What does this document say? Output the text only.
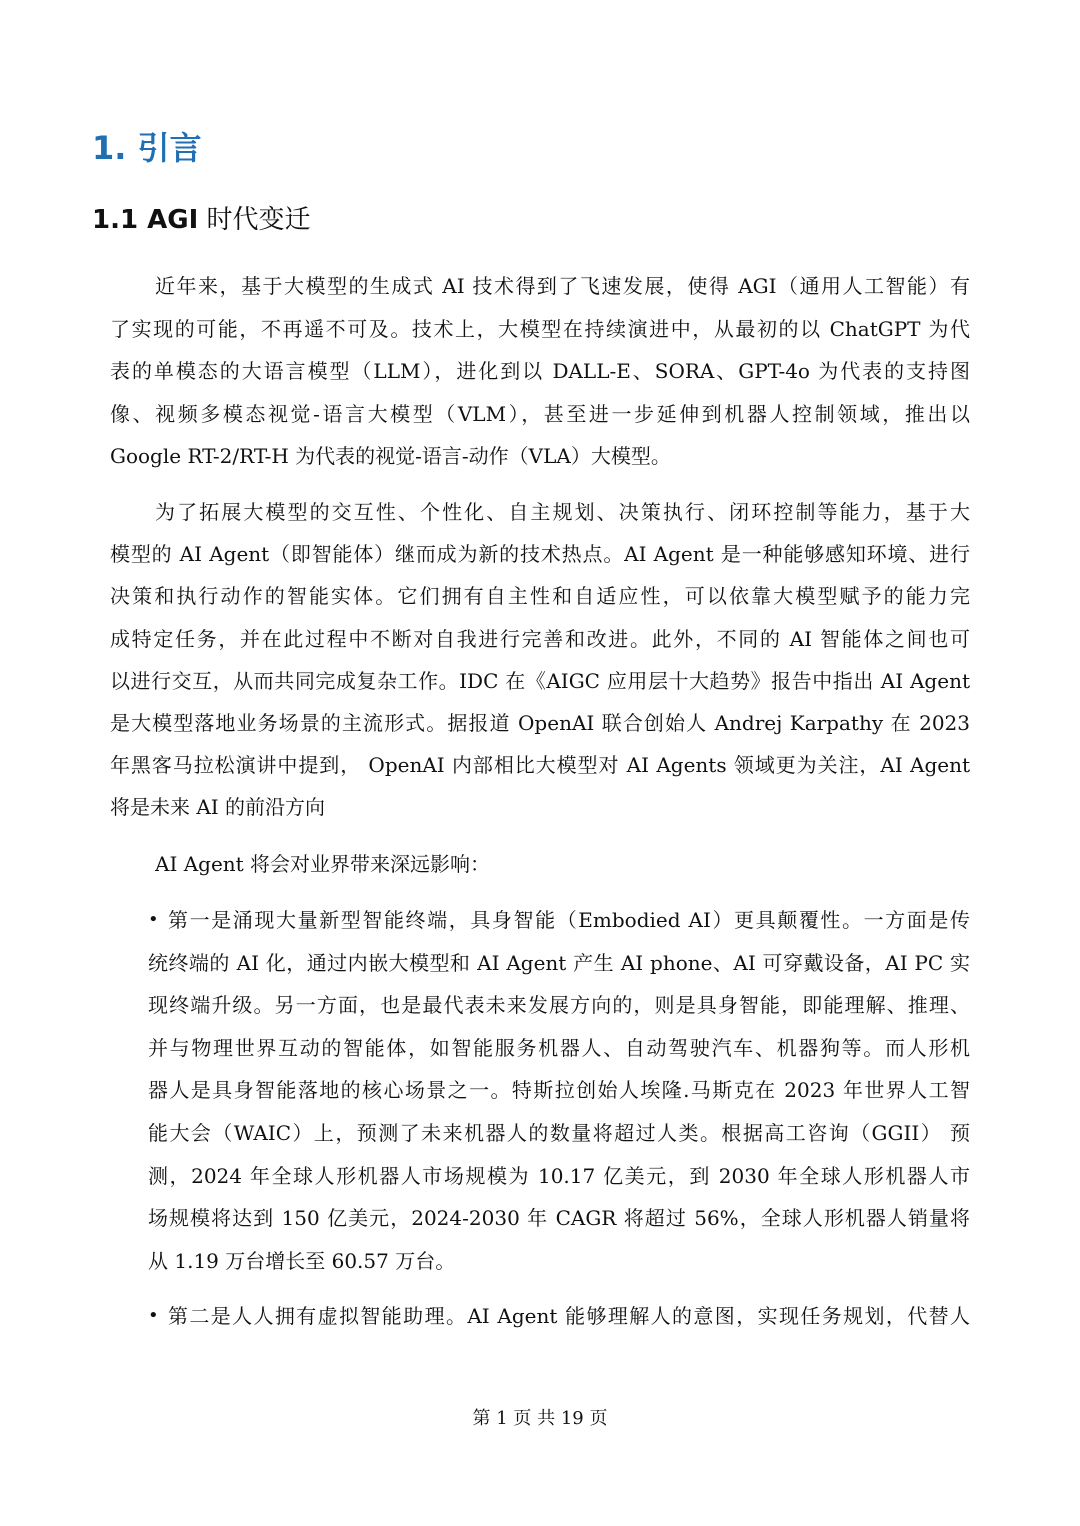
1. 引言
1.1 AGI 时代变迁
近年来，基于大模型的生成式 AI 技术得到了飞速发展，使得 AGI（通用人工智能）有
了实现的可能，不再遥不可及。技术上，大模型在持续演进中，从最初的以 ChatGPT 为代
表的单模态的大语言模型（LLM），进化到以 DALL-E、SORA、GPT-4o 为代表的支持图
像、视频多模态视觉-语言大模型（VLM），甚至进一步延伸到机器人控制领域，推出以
Google RT-2/RT-H 为代表的视觉-语言-动作（VLA）大模型。
为了拓展大模型的交互性、个性化、自主规划、决策执行、闭环控制等能力，基于大
模型的 AI Agent（即智能体）继而成为新的技术热点。AI Agent 是一种能够感知环境、进行
决策和执行动作的智能实体。它们拥有自主性和自适应性，可以依靠大模型赋予的能力完
成特定任务，并在此过程中不断对自我进行完善和改进。此外，不同的 AI 智能体之间也可
以进行交互，从而共同完成复杂工作。IDC 在《AIGC 应用层十大趋势》报告中指出 AI Agent
是大模型落地业务场景的主流形式。据报道 OpenAI 联合创始人 Andrej Karpathy 在 2023
年黑客马拉松演讲中提到， OpenAI 内部相比大模型对 AI Agents 领域更为关注，AI Agent
将是未来 AI 的前沿方向
AI Agent 将会对业界带来深远影响：
• 第一是涌现大量新型智能终端，具身智能（Embodied AI）更具颠覆性。一方面是传
统终端的 AI 化，通过内嵌大模型和 AI Agent 产生 AI phone、AI 可穿戴设备，AI PC 实
现终端升级。另一方面，也是最代表未来发展方向的，则是具身智能，即能理解、推理、
并与物理世界互动的智能体，如智能服务机器人、自动驾驶汽车、机器狗等。而人形机
器人是具身智能落地的核心场景之一。特斯拉创始人埃隆.马斯克在 2023 年世界人工智
能大会（WAIC）上，预测了未来机器人的数量将超过人类。根据高工咨询（GGII） 预
测，2024 年全球人形机器人市场规模为 10.17 亿美元，到 2030 年全球人形机器人市
场规模将达到 150 亿美元，2024-2030 年 CAGR 将超过 56%，全球人形机器人销量将
从 1.19 万台增长至 60.57 万台。
• 第二是人人拥有虚拟智能助理。AI Agent 能够理解人的意图，实现任务规划，代替人
第 1 页 共 19 页
